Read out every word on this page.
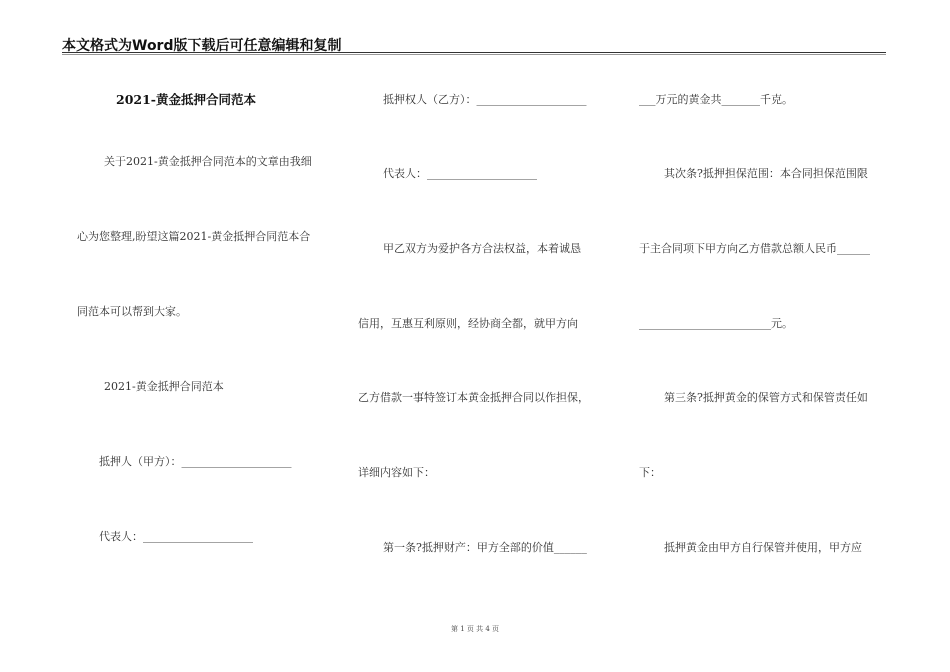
本文格式为Word版下载后可任意编辑和复制
2021-黄金抵押合同范本
关于2021-黄金抵押合同范本的文章由我细
心为您整理,盼望这篇2021-黄金抵押合同范本合
同范本可以帮到大家。
2021-黄金抵押合同范本
抵押人（甲方）：____________________
代表人：____________________
抵押权人（乙方）：____________________
代表人：____________________
甲乙双方为爱护各方合法权益，本着诚恳
信用，互惠互利原则，经协商全都，就甲方向
乙方借款一事特签订本黄金抵押合同以作担保，
详细内容如下：
第一条?抵押财产：甲方全部的价值______
___万元的黄金共_______千克。
其次条?抵押担保范围：本合同担保范围限
于主合同项下甲方向乙方借款总额人民币______
________________________元。
第三条?抵押黄金的保管方式和保管责任如
下：
抵押黄金由甲方自行保管并使用，甲方应
第 1 页 共 4 页
